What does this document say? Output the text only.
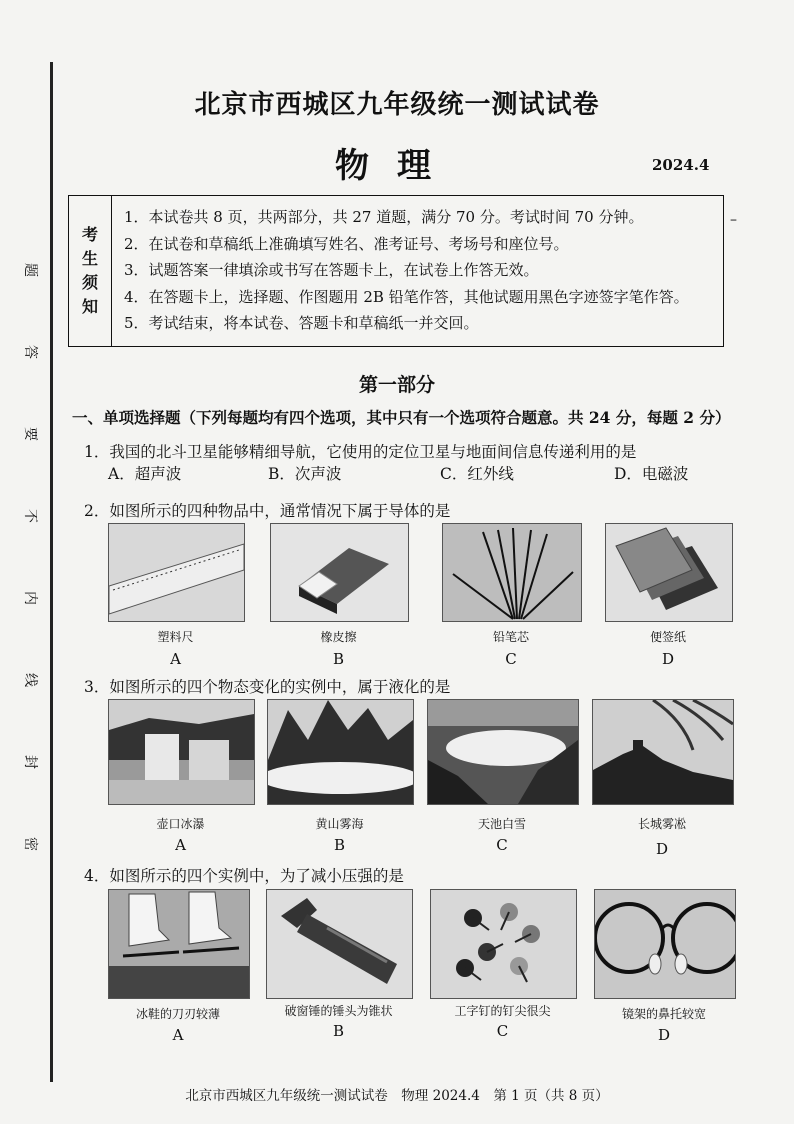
题
答
要
不
内
线
封
密
北京市西城区九年级统一测试试卷
物理	2024.4
考
生
须
知
1．本试卷共 8 页，共两部分，共 27 道题，满分 70 分。考试时间 70 分钟。
2．在试卷和草稿纸上准确填写姓名、准考证号、考场号和座位号。
3．试题答案一律填涂或书写在答题卡上，在试卷上作答无效。
4．在答题卡上，选择题、作图题用 2B 铅笔作答，其他试题用黑色字迹签字笔作答。
5．考试结束，将本试卷、答题卡和草稿纸一并交回。
–
第一部分
一、单项选择题（下列每题均有四个选项，其中只有一个选项符合题意。共 24 分，每题 2 分）
1．我国的北斗卫星能够精细导航，它使用的定位卫星与地面间信息传递利用的是
A．超声波	B．次声波	C．红外线	D．电磁波
2．如图所示的四种物品中，通常情况下属于导体的是
塑料尺
A
橡皮擦
B
铅笔芯
C
便签纸
D
3．如图所示的四个物态变化的实例中，属于液化的是
壶口冰瀑
A
黄山雾海
B
天池白雪
C
长城雾凇
D
4．如图所示的四个实例中，为了减小压强的是
冰鞋的刀刃较薄
A
破窗锤的锤头为锥状
B
工字钉的钉尖很尖
C
镜架的鼻托较宽
D
北京市西城区九年级统一测试试卷　物理 2024.4　第 1 页（共 8 页）
